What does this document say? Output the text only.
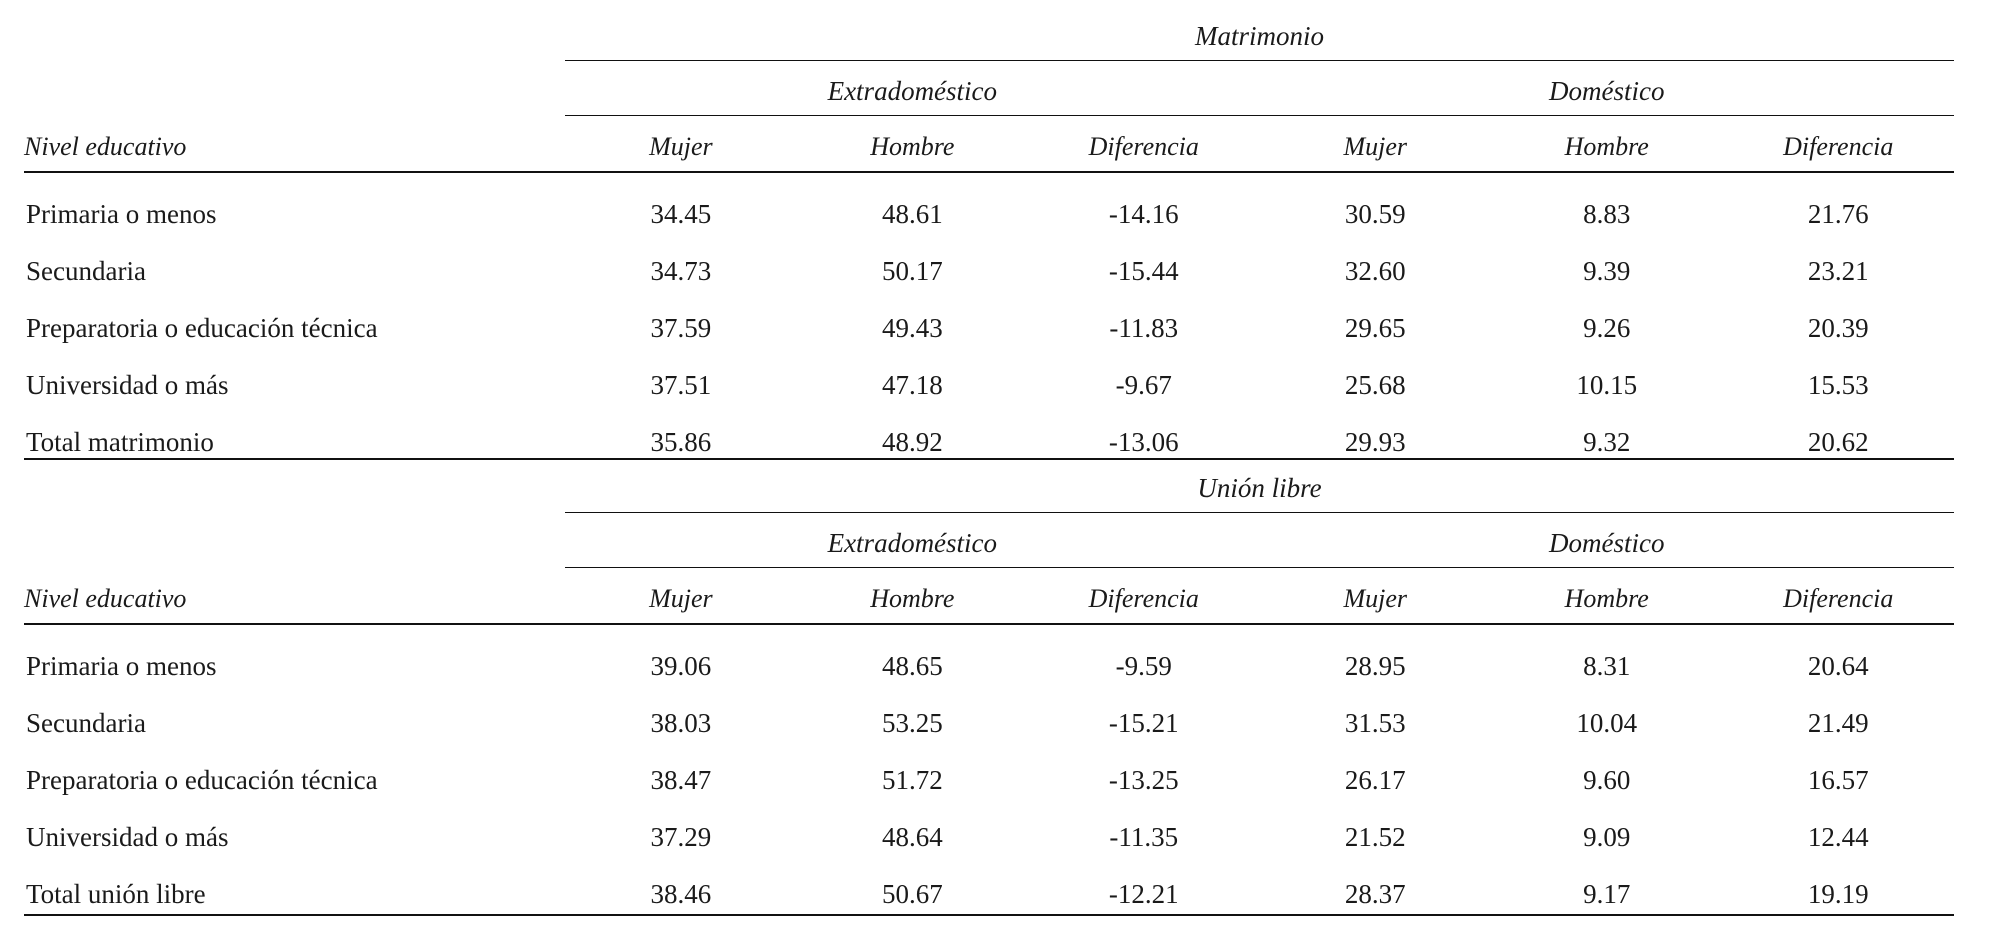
	Matrimonio					
	Extradoméstico			Doméstico		
Nivel educativo	Mujer	Hombre	Diferencia	Mujer	Hombre	Diferencia
Primaria o menos	34.45	48.61	-14.16	30.59	8.83	21.76
Secundaria	34.73	50.17	-15.44	32.60	9.39	23.21
Preparatoria o educación técnica	37.59	49.43	-11.83	29.65	9.26	20.39
Universidad o más	37.51	47.18	-9.67	25.68	10.15	15.53
Total matrimonio	35.86	48.92	-13.06	29.93	9.32	20.62
	Unión libre					
	Extradoméstico			Doméstico		
Nivel educativo	Mujer	Hombre	Diferencia	Mujer	Hombre	Diferencia
Primaria o menos	39.06	48.65	-9.59	28.95	8.31	20.64
Secundaria	38.03	53.25	-15.21	31.53	10.04	21.49
Preparatoria o educación técnica	38.47	51.72	-13.25	26.17	9.60	16.57
Universidad o más	37.29	48.64	-11.35	21.52	9.09	12.44
Total unión libre	38.46	50.67	-12.21	28.37	9.17	19.19
